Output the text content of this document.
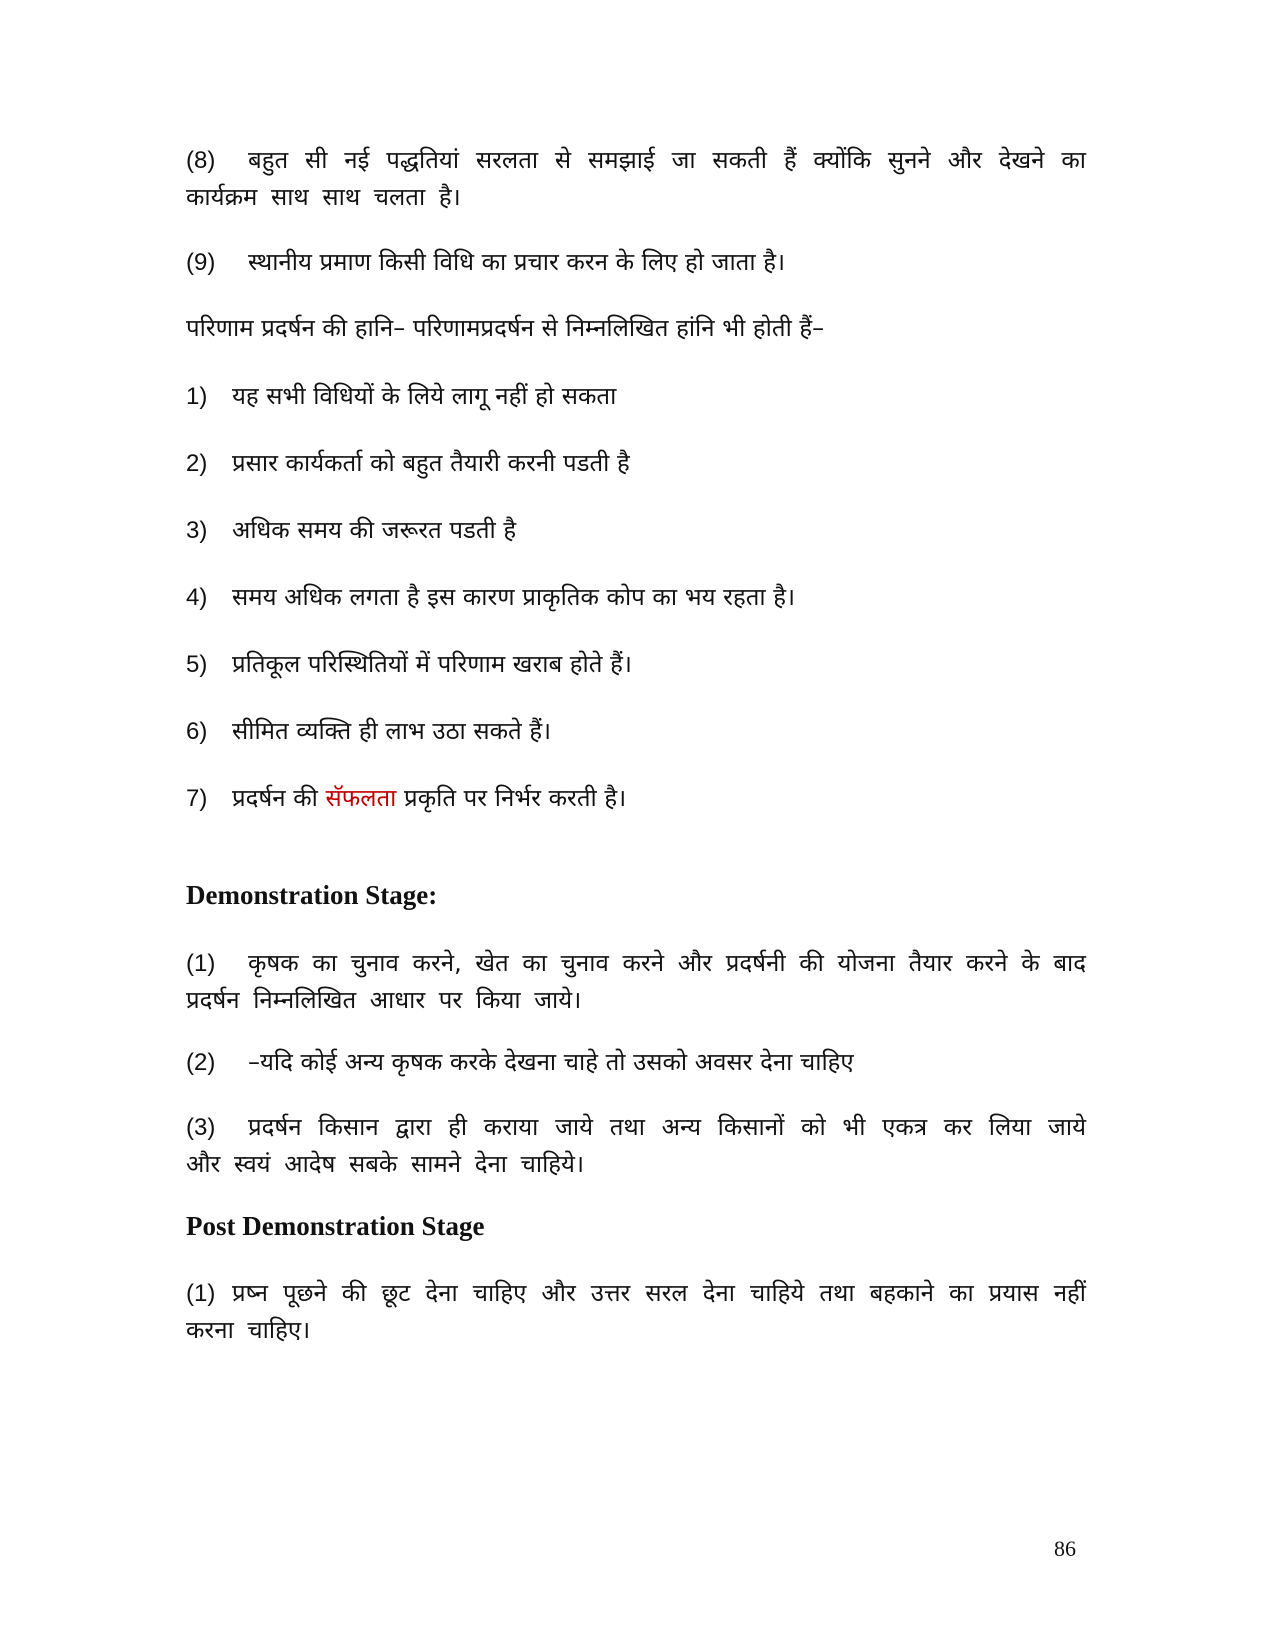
(8) बहुत सी नई पद्धतियां सरलता से समझाई जा सकती हैं क्योंकि सुनने और देखने का कार्यक्रम साथ साथ चलता है।
(9) स्थानीय प्रमाण किसी विधि का प्रचार करन के लिए हो जाता है।
परिणाम प्रदर्षन की हानि– परिणामप्रदर्षन से निम्नलिखित हांनि भी होती हैं–
1) यह सभी विधियों के लिये लागू नहीं हो सकता
2) प्रसार कार्यकर्ता को बहुत तैयारी करनी पडती है
3) अधिक समय की जरूरत पडती है
4) समय अधिक लगता है इस कारण प्राकृतिक कोप का भय रहता है।
5) प्रतिकूल परिस्थितियों में परिणाम खराब होते हैं।
6) सीमित व्यक्ति ही लाभ उठा सकते हैं।
7) प्रदर्षन की सॅफलता प्रकृति पर निर्भर करती है।
Demonstration Stage:
(1) कृषक का चुनाव करने, खेत का चुनाव करने और प्रदर्षनी की योजना तैयार करने के बाद प्रदर्षन निम्नलिखित आधार पर किया जाये।
(2) –यदि कोई अन्य कृषक करके देखना चाहे तो उसको अवसर देना चाहिए
(3) प्रदर्षन किसान द्वारा ही कराया जाये तथा अन्य किसानों को भी एकत्र कर लिया जाये और स्वयं आदेष सबके सामने देना चाहिये।
Post Demonstration Stage
(1) प्रष्न पूछने की छूट देना चाहिए और उत्तर सरल देना चाहिये तथा बहकाने का प्रयास नहीं करना चाहिए।
86
